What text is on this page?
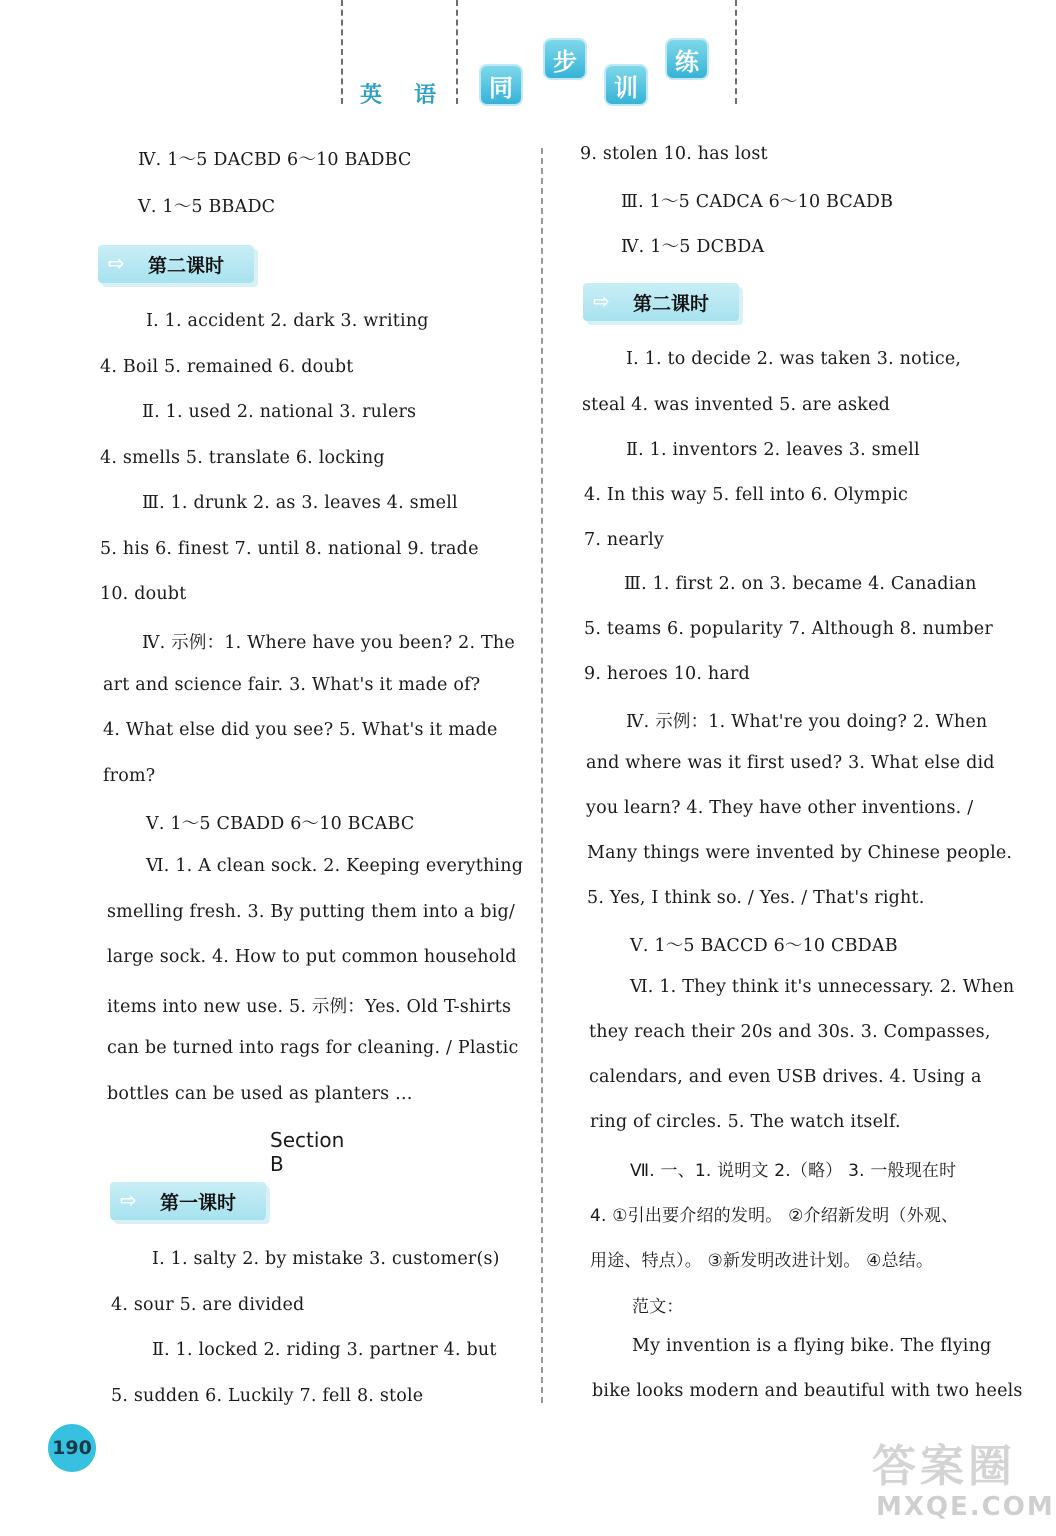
英 语	同
步
训
练
Ⅳ. 1～5 DACBD 6～10 BADBC
Ⅴ. 1～5 BBADC
⇨ 第二课时
Ⅰ. 1. accident 2. dark 3. writing
4. Boil 5. remained 6. doubt
Ⅱ. 1. used 2. national 3. rulers
4. smells 5. translate 6. locking
Ⅲ. 1. drunk 2. as 3. leaves 4. smell
5. his 6. finest 7. until 8. national 9. trade
10. doubt
Ⅳ. 示例：1. Where have you been? 2. The
art and science fair. 3. What's it made of?
4. What else did you see? 5. What's it made
from?
Ⅴ. 1～5 CBADD 6～10 BCABC
Ⅵ. 1. A clean sock. 2. Keeping everything
smelling fresh. 3. By putting them into a big/
large sock. 4. How to put common household
items into new use. 5. 示例：Yes. Old T-shirts
can be turned into rags for cleaning. / Plastic
bottles can be used as planters …
Section B
⇨ 第一课时
Ⅰ. 1. salty 2. by mistake 3. customer(s)
4. sour 5. are divided
Ⅱ. 1. locked 2. riding 3. partner 4. but
5. sudden 6. Luckily 7. fell 8. stole
9. stolen 10. has lost
Ⅲ. 1～5 CADCA 6～10 BCADB
Ⅳ. 1～5 DCBDA
⇨ 第二课时
Ⅰ. 1. to decide 2. was taken 3. notice,
steal 4. was invented 5. are asked
Ⅱ. 1. inventors 2. leaves 3. smell
4. In this way 5. fell into 6. Olympic
7. nearly
Ⅲ. 1. first 2. on 3. became 4. Canadian
5. teams 6. popularity 7. Although 8. number
9. heroes 10. hard
Ⅳ. 示例：1. What're you doing? 2. When
and where was it first used? 3. What else did
you learn? 4. They have other inventions. /
Many things were invented by Chinese people.
5. Yes, I think so. / Yes. / That's right.
Ⅴ. 1～5 BACCD 6～10 CBDAB
Ⅵ. 1. They think it's unnecessary. 2. When
they reach their 20s and 30s. 3. Compasses,
calendars, and even USB drives. 4. Using a
ring of circles. 5. The watch itself.
Ⅶ. 一、1. 说明文 2.（略） 3. 一般现在时
4. ①引出要介绍的发明。 ②介绍新发明（外观、
用途、特点）。 ③新发明改进计划。 ④总结。
范文：
My invention is a flying bike. The flying
bike looks modern and beautiful with two heels
190	答案圈
MXQE.COM
